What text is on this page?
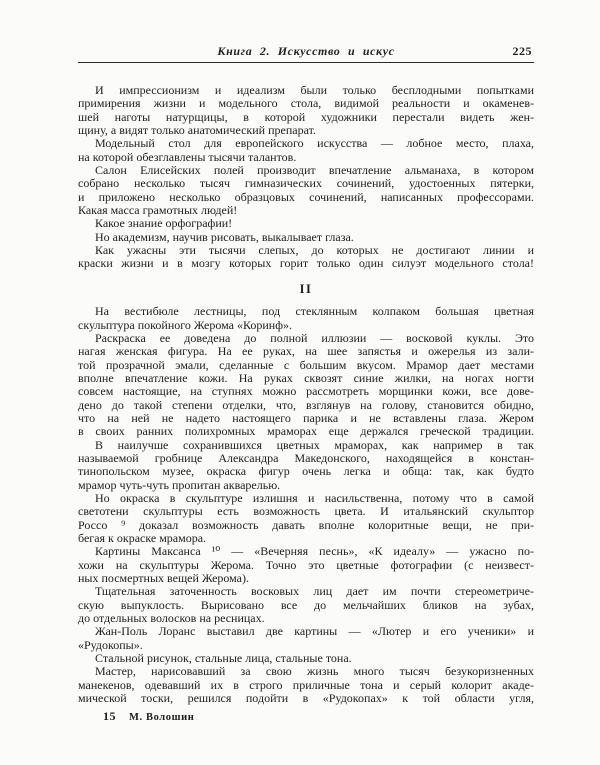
Книга 2. Искусство и искус	225
И импрессионизм и идеализм были только бесплодными попытками
примирения жизни и модельного стола, видимой реальности и окаменев-
шей наготы натурщицы, в которой художники перестали видеть жен-
щину, а видят только анатомический препарат.
Модельный стол для европейского искусства — лобное место, плаха,
на которой обезглавлены тысячи талантов.
Салон Елисейских полей производит впечатление альманаха, в котором
собрано несколько тысяч гимназических сочинений, удостоенных пятерки,
и приложено несколько образцовых сочинений, написанных профессорами.
Какая масса грамотных людей!
Какое знание орфографии!
Но академизм, научив рисовать, выкалывает глаза.
Как ужасны эти тысячи слепых, до которых не достигают линии и
краски жизни и в мозгу которых горит только один силуэт модельного стола!
II
На вестибюле лестницы, под стеклянным колпаком большая цветная
скульптура покойного Жерома «Коринф».
Раскраска ее доведена до полной иллюзии — восковой куклы. Это
нагая женская фигура. На ее руках, на шее запястья и ожерелья из зали-
той прозрачной эмали, сделанные с большим вкусом. Мрамор дает местами
вполне впечатление кожи. На руках сквозят синие жилки, на ногах ногти
совсем настоящие, на ступнях можно рассмотреть морщинки кожи, все дове-
дено до такой степени отделки, что, взглянув на голову, становится обидно,
что на ней не надето настоящего парика и не вставлены глаза. Жером
в своих ранних полихромных мраморах еще держался греческой традиции.
В наилучше сохранившихся цветных мраморах, как например в так
называемой гробнице Александра Македонского, находящейся в констан-
тинопольском музее, окраска фигур очень легка и обща: так, как будто
мрамор чуть-чуть пропитан акварелью.
Но окраска в скульптуре излишня и насильственна, потому что в самой
светотени скульптуры есть возможность цвета. И итальянский скульптор
Россо ⁹ доказал возможность давать вполне колоритные вещи, не при-
бегая к окраске мрамора.
Картины Максанса ¹⁰ — «Вечерняя песнь», «К идеалу» — ужасно по-
хожи на скульптуры Жерома. Точно это цветные фотографии (с неизвест-
ных посмертных вещей Жерома).
Тщательная заточенность восковых лиц дает им почти стереометриче-
скую выпуклость. Вырисовано все до мельчайших бликов на зубах,
до отдельных волосков на ресницах.
Жан-Поль Лоранс выставил две картины — «Лютер и его ученики» и
«Рудокопы».
Стальной рисунок, стальные лица, стальные тона.
Мастер, нарисовавший за свою жизнь много тысяч безукоризненных
манекенов, одевавший их в строго приличные тона и серый колорит акаде-
мической тоски, решился подойти в «Рудокопах» к той области угля,
15 М. Волошин
